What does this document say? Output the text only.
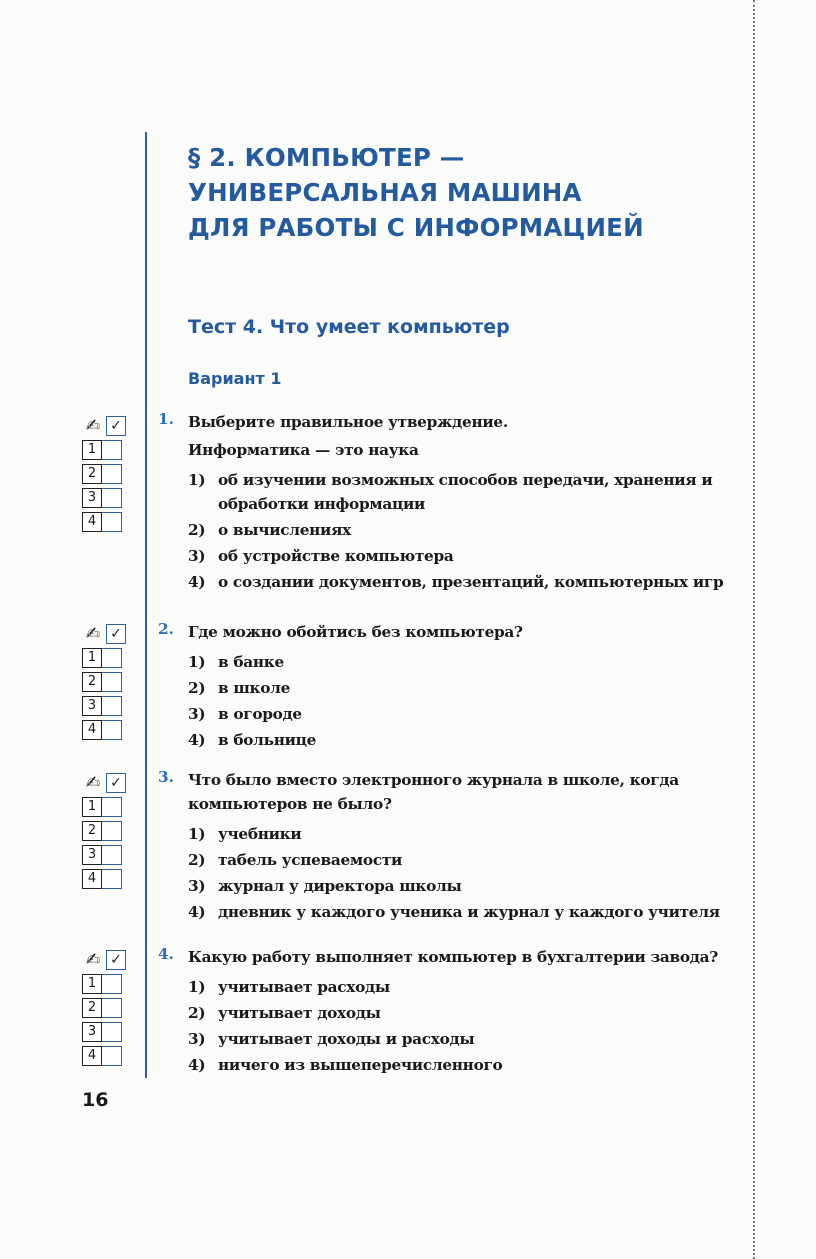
§ 2. КОМПЬЮТЕР —
УНИВЕРСАЛЬНАЯ МАШИНА
ДЛЯ РАБОТЫ С ИНФОРМАЦИЕЙ
Тест 4. Что умеет компьютер
Вариант 1
✍ ✓
1
2
3
4
✍ ✓
1
2
3
4
✍ ✓
1
2
3
4
✍ ✓
1
2
3
4
1. Выберите правильное утверждение.
Информатика — это наука
1) об изучении возможных способов передачи, хранения и обработки информации
2) о вычислениях
3) об устройстве компьютера
4) о создании документов, презентаций, компьютерных игр
2. Где можно обойтись без компьютера?
1) в банке
2) в школе
3) в огороде
4) в больнице
3. Что было вместо электронного журнала в школе, когда компьютеров не было?
1) учебники
2) табель успеваемости
3) журнал у директора школы
4) дневник у каждого ученика и журнал у каждого учителя
4. Какую работу выполняет компьютер в бухгалтерии завода?
1) учитывает расходы
2) учитывает доходы
3) учитывает доходы и расходы
4) ничего из вышеперечисленного
16
